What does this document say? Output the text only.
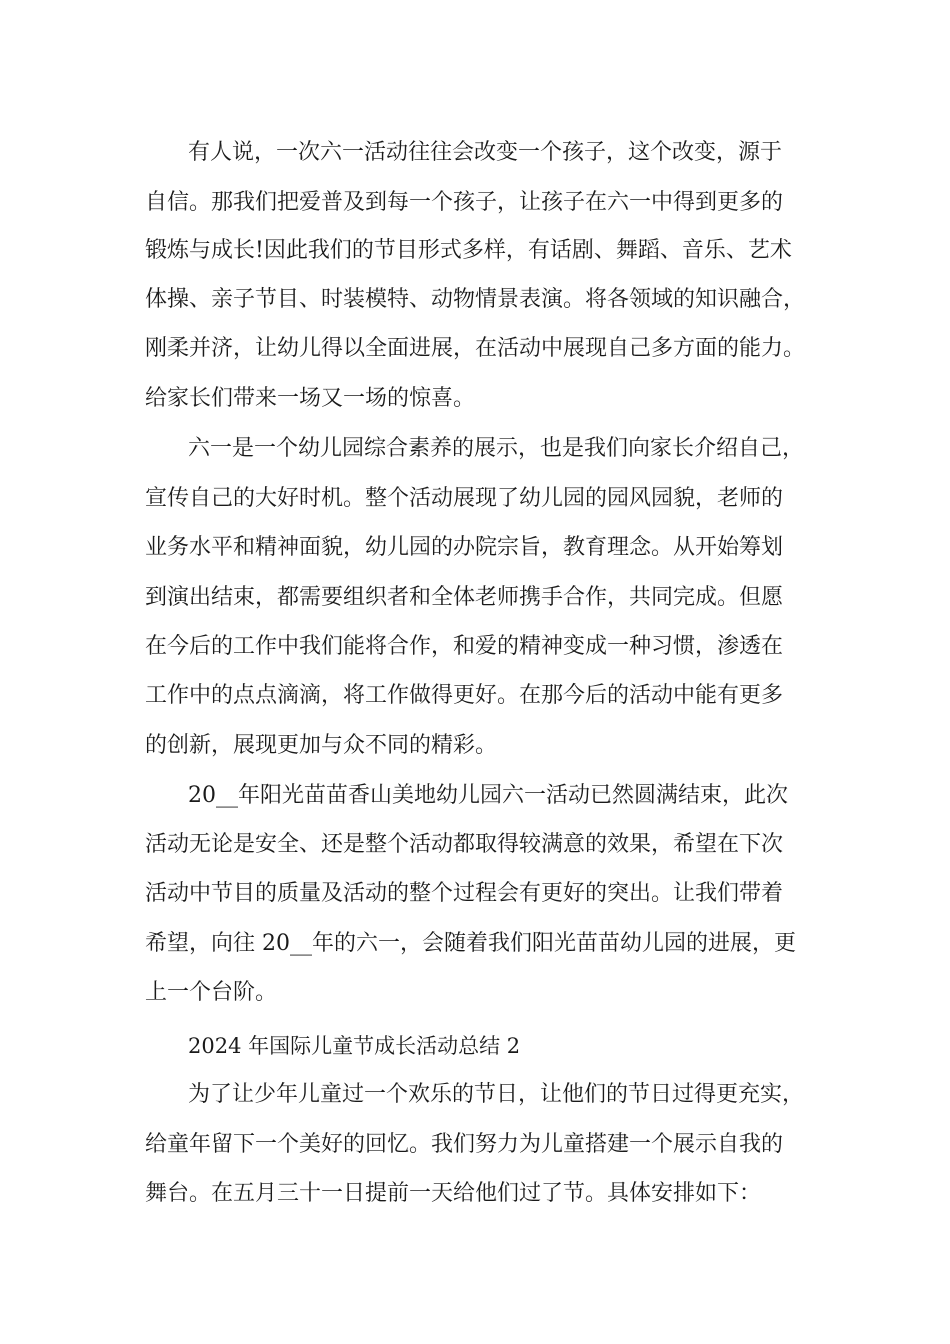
有人说，一次六一活动往往会改变一个孩子，这个改变，源于
自信。那我们把爱普及到每一个孩子，让孩子在六一中得到更多的
锻炼与成长!因此我们的节目形式多样，有话剧、舞蹈、音乐、艺术
体操、亲子节目、时装模特、动物情景表演。将各领域的知识融合，
刚柔并济，让幼儿得以全面进展，在活动中展现自己多方面的能力。
给家长们带来一场又一场的惊喜。
六一是一个幼儿园综合素养的展示，也是我们向家长介绍自己，
宣传自己的大好时机。整个活动展现了幼儿园的园风园貌，老师的
业务水平和精神面貌，幼儿园的办院宗旨，教育理念。从开始筹划
到演出结束，都需要组织者和全体老师携手合作，共同完成。但愿
在今后的工作中我们能将合作，和爱的精神变成一种习惯，渗透在
工作中的点点滴滴，将工作做得更好。在那今后的活动中能有更多
的创新，展现更加与众不同的精彩。
20__年阳光苗苗香山美地幼儿园六一活动已然圆满结束，此次
活动无论是安全、还是整个活动都取得较满意的效果，希望在下次
活动中节目的质量及活动的整个过程会有更好的突出。让我们带着
希望，向往 20__年的六一，会随着我们阳光苗苗幼儿园的进展，更
上一个台阶。
2024 年国际儿童节成长活动总结 2
为了让少年儿童过一个欢乐的节日，让他们的节日过得更充实，
给童年留下一个美好的回忆。我们努力为儿童搭建一个展示自我的
舞台。在五月三十一日提前一天给他们过了节。具体安排如下：
